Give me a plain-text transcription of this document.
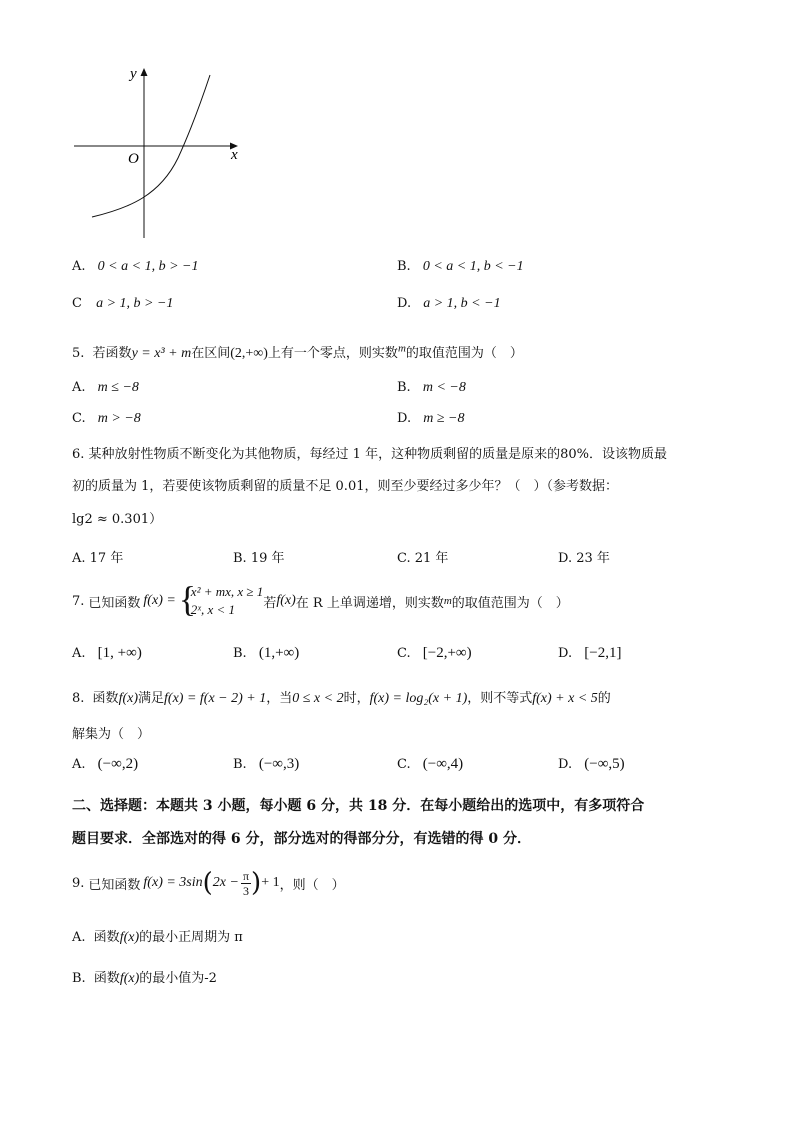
y
x
O
A. 0 < a < 1, b > −1	B. 0 < a < 1, b < −1
C a > 1, b > −1	D. a > 1, b < −1
5. 若函数y = x³ + m在区间(2,+∞)上有一个零点，则实数$^m$的取值范围为（　）
A. m ≤ −8	B. m < −8
C. m > −8	D. m ≥ −8
6. 某种放射性物质不断变化为其他物质，每经过 1 年，这种物质剩留的质量是原来的80%．设该物质最
初的质量为 1，若要使该物质剩留的质量不足 0.01，则至少要经过多少年？（　）（参考数据：
lg2 ≈ 0.301）
A. 17 年	B. 19 年	C. 21 年	D. 23 年
7. 已知函数 f(x) = {
x² + mx, x ≥ 1
2ˣ, x < 1	若 f(x) 在 R 上单调递增，则实数 m 的取值范围为（　）
A. [1, +∞)	B. (1,+∞)	C. [−2,+∞)	D. [−2,1]
8. 函数f(x)满足f(x) = f(x − 2) + 1，当0 ≤ x < 2时，f(x) = log₂(x + 1)，则不等式f(x) + x < 5的
解集为（　）
A. (−∞,2)	B. (−∞,3)	C. (−∞,4)	D. (−∞,5)
二、选择题：本题共 3 小题，每小题 6 分，共 18 分．在每小题给出的选项中，有多项符合
题目要求．全部选对的得 6 分，部分选对的得部分分，有选错的得 0 分．
9. 已知函数 f(x) = 3sin ( $2x - \frac{\pi}{3}$ ) + 1 ，则（　）
A. 函数f(x)的最小正周期为 π
B. 函数f(x)的最小值为-2
